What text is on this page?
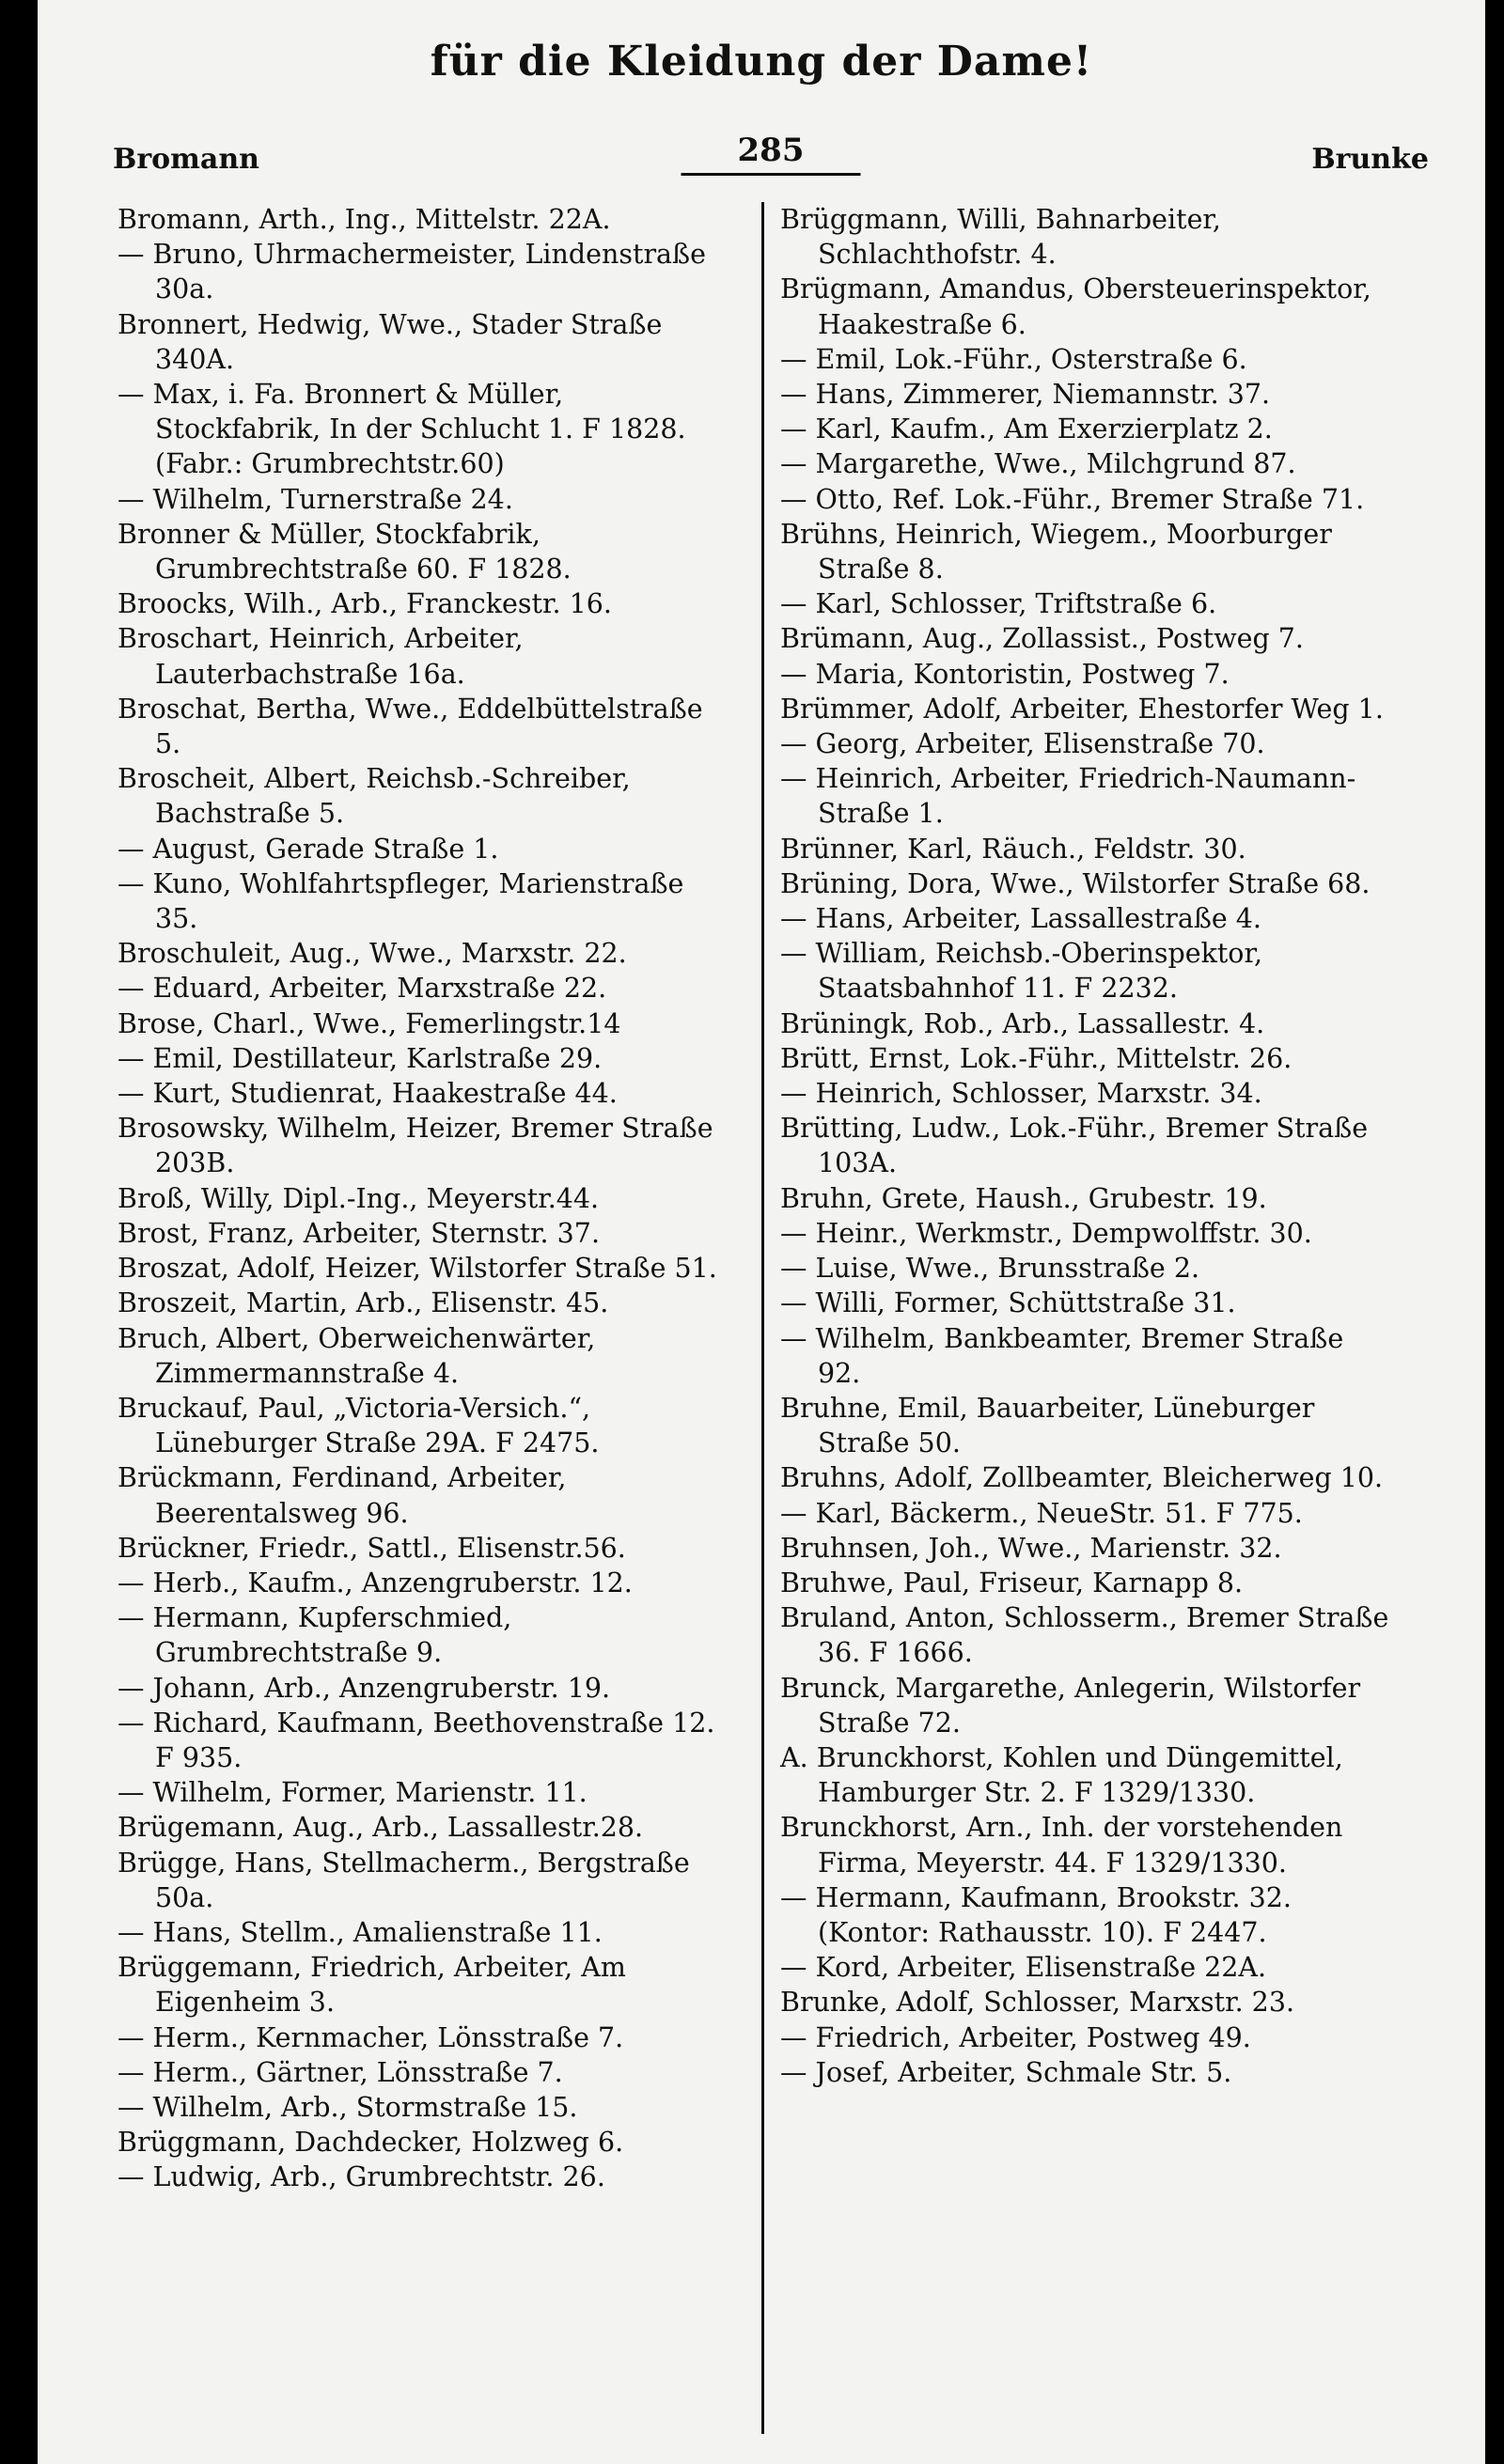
für die Kleidung der Dame!
Bromann	285	Brunke

Bromann, Arth., Ing., Mittelstr. 22A.

— Bruno, Uhrmachermeister, Lindenstraße 30a.

Bronnert, Hedwig, Wwe., Stader Straße 340A.

— Max, i. Fa. Bronnert & Müller, Stockfabrik, In der Schlucht 1. F 1828. (Fabr.: Grumbrechtstr.60)

— Wilhelm, Turnerstraße 24.

Bronner & Müller, Stockfabrik, Grumbrechtstraße 60. F 1828.

Broocks, Wilh., Arb., Franckestr. 16.

Broschart, Heinrich, Arbeiter, Lauterbachstraße 16a.

Broschat, Bertha, Wwe., Eddelbüttelstraße 5.

Broscheit, Albert, Reichsb.-Schreiber, Bachstraße 5.

— August, Gerade Straße 1.

— Kuno, Wohlfahrtspfleger, Marienstraße 35.

Broschuleit, Aug., Wwe., Marxstr. 22.

— Eduard, Arbeiter, Marxstraße 22.

Brose, Charl., Wwe., Femerlingstr.14

— Emil, Destillateur, Karlstraße 29.

— Kurt, Studienrat, Haakestraße 44.

Brosowsky, Wilhelm, Heizer, Bremer Straße 203B.

Broß, Willy, Dipl.-Ing., Meyerstr.44.

Brost, Franz, Arbeiter, Sternstr. 37.

Broszat, Adolf, Heizer, Wilstorfer Straße 51.

Broszeit, Martin, Arb., Elisenstr. 45.

Bruch, Albert, Oberweichenwärter, Zimmermannstraße 4.

Bruckauf, Paul, „Victoria-Versich.“, Lüneburger Straße 29A. F 2475.

Brückmann, Ferdinand, Arbeiter, Beerentalsweg 96.

Brückner, Friedr., Sattl., Elisenstr.56.

— Herb., Kaufm., Anzengruberstr. 12.

— Hermann, Kupferschmied, Grumbrechtstraße 9.

— Johann, Arb., Anzengruberstr. 19.

— Richard, Kaufmann, Beethovenstraße 12. F 935.

— Wilhelm, Former, Marienstr. 11.

Brügemann, Aug., Arb., Lassallestr.28.

Brügge, Hans, Stellmacherm., Bergstraße 50a.

— Hans, Stellm., Amalienstraße 11.

Brüggemann, Friedrich, Arbeiter, Am Eigenheim 3.

— Herm., Kernmacher, Lönsstraße 7.

— Herm., Gärtner, Lönsstraße 7.

— Wilhelm, Arb., Stormstraße 15.

Brüggmann, Dachdecker, Holzweg 6.

— Ludwig, Arb., Grumbrechtstr. 26.

Brüggmann, Willi, Bahnarbeiter, Schlachthofstr. 4.

Brügmann, Amandus, Obersteuerinspektor, Haakestraße 6.

— Emil, Lok.-Führ., Osterstraße 6.

— Hans, Zimmerer, Niemannstr. 37.

— Karl, Kaufm., Am Exerzierplatz 2.

— Margarethe, Wwe., Milchgrund 87.

— Otto, Ref. Lok.-Führ., Bremer Straße 71.

Brühns, Heinrich, Wiegem., Moorburger Straße 8.

— Karl, Schlosser, Triftstraße 6.

Brümann, Aug., Zollassist., Postweg 7.

— Maria, Kontoristin, Postweg 7.

Brümmer, Adolf, Arbeiter, Ehestorfer Weg 1.

— Georg, Arbeiter, Elisenstraße 70.

— Heinrich, Arbeiter, Friedrich-Naumann-Straße 1.

Brünner, Karl, Räuch., Feldstr. 30.

Brüning, Dora, Wwe., Wilstorfer Straße 68.

— Hans, Arbeiter, Lassallestraße 4.

— William, Reichsb.-Oberinspektor, Staatsbahnhof 11. F 2232.

Brüningk, Rob., Arb., Lassallestr. 4.

Brütt, Ernst, Lok.-Führ., Mittelstr. 26.

— Heinrich, Schlosser, Marxstr. 34.

Brütting, Ludw., Lok.-Führ., Bremer Straße 103A.

Bruhn, Grete, Haush., Grubestr. 19.

— Heinr., Werkmstr., Dempwolffstr. 30.

— Luise, Wwe., Brunsstraße 2.

— Willi, Former, Schüttstraße 31.

— Wilhelm, Bankbeamter, Bremer Straße 92.

Bruhne, Emil, Bauarbeiter, Lüneburger Straße 50.

Bruhns, Adolf, Zollbeamter, Bleicherweg 10.

— Karl, Bäckerm., NeueStr. 51. F 775.

Bruhnsen, Joh., Wwe., Marienstr. 32.

Bruhwe, Paul, Friseur, Karnapp 8.

Bruland, Anton, Schlosserm., Bremer Straße 36. F 1666.

Brunck, Margarethe, Anlegerin, Wilstorfer Straße 72.

A. Brunckhorst, Kohlen und Düngemittel, Hamburger Str. 2. F 1329/1330.

Brunckhorst, Arn., Inh. der vorstehenden Firma, Meyerstr. 44. F 1329/1330.

— Hermann, Kaufmann, Brookstr. 32. (Kontor: Rathausstr. 10). F 2447.

— Kord, Arbeiter, Elisenstraße 22A.

Brunke, Adolf, Schlosser, Marxstr. 23.

— Friedrich, Arbeiter, Postweg 49.

— Josef, Arbeiter, Schmale Str. 5.
